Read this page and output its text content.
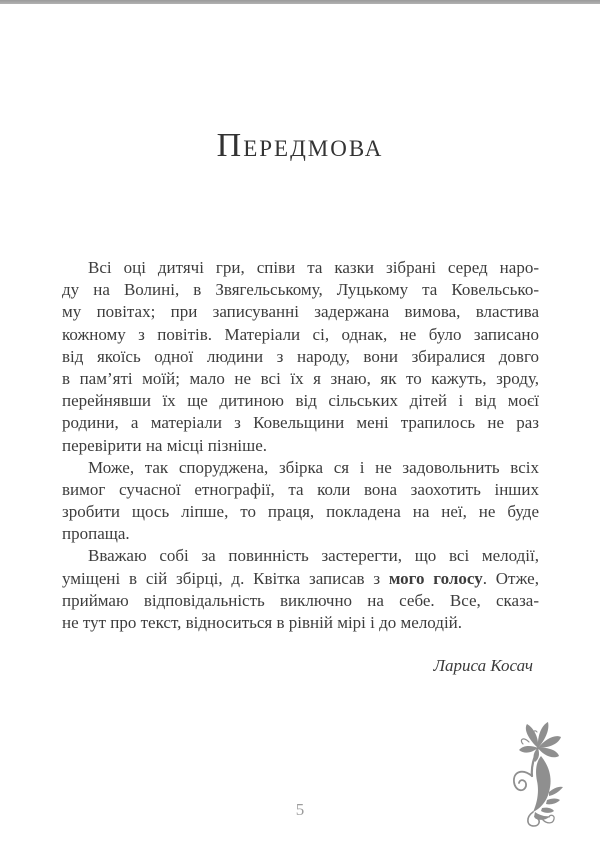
ПЕРЕДМОВА
Всі оці дитячі гри, співи та казки зібрані серед наро-
ду на Волині, в Звягельському, Луцькому та Ковельсько-
му повітах; при записуванні задержана вимова, властива
кожному з повітів. Матеріали сі, однак, не було записано
від якоїсь одної людини з народу, вони збиралися довго
в пам’яті моїй; мало не всі їх я знаю, як то кажуть, зроду,
перейнявши їх ще дитиною від сільських дітей і від моєї
родини, а матеріали з Ковельщини мені трапилось не раз
перевірити на місці пізніше.
Може, так споруджена, збірка ся і не задовольнить всіх
вимог сучасної етнографії, та коли вона заохотить інших
зробити щось ліпше, то праця, покладена на неї, не буде
пропаща.
Вважаю собі за повинність застерегти, що всі мелодії,
уміщені в сій збірці, д. Квітка записав з мого голосу. Отже,
приймаю відповідальність виключно на себе. Все, сказа-
не тут про текст, відноситься в рівній мірі і до мелодій.
Лариса Косач
5
